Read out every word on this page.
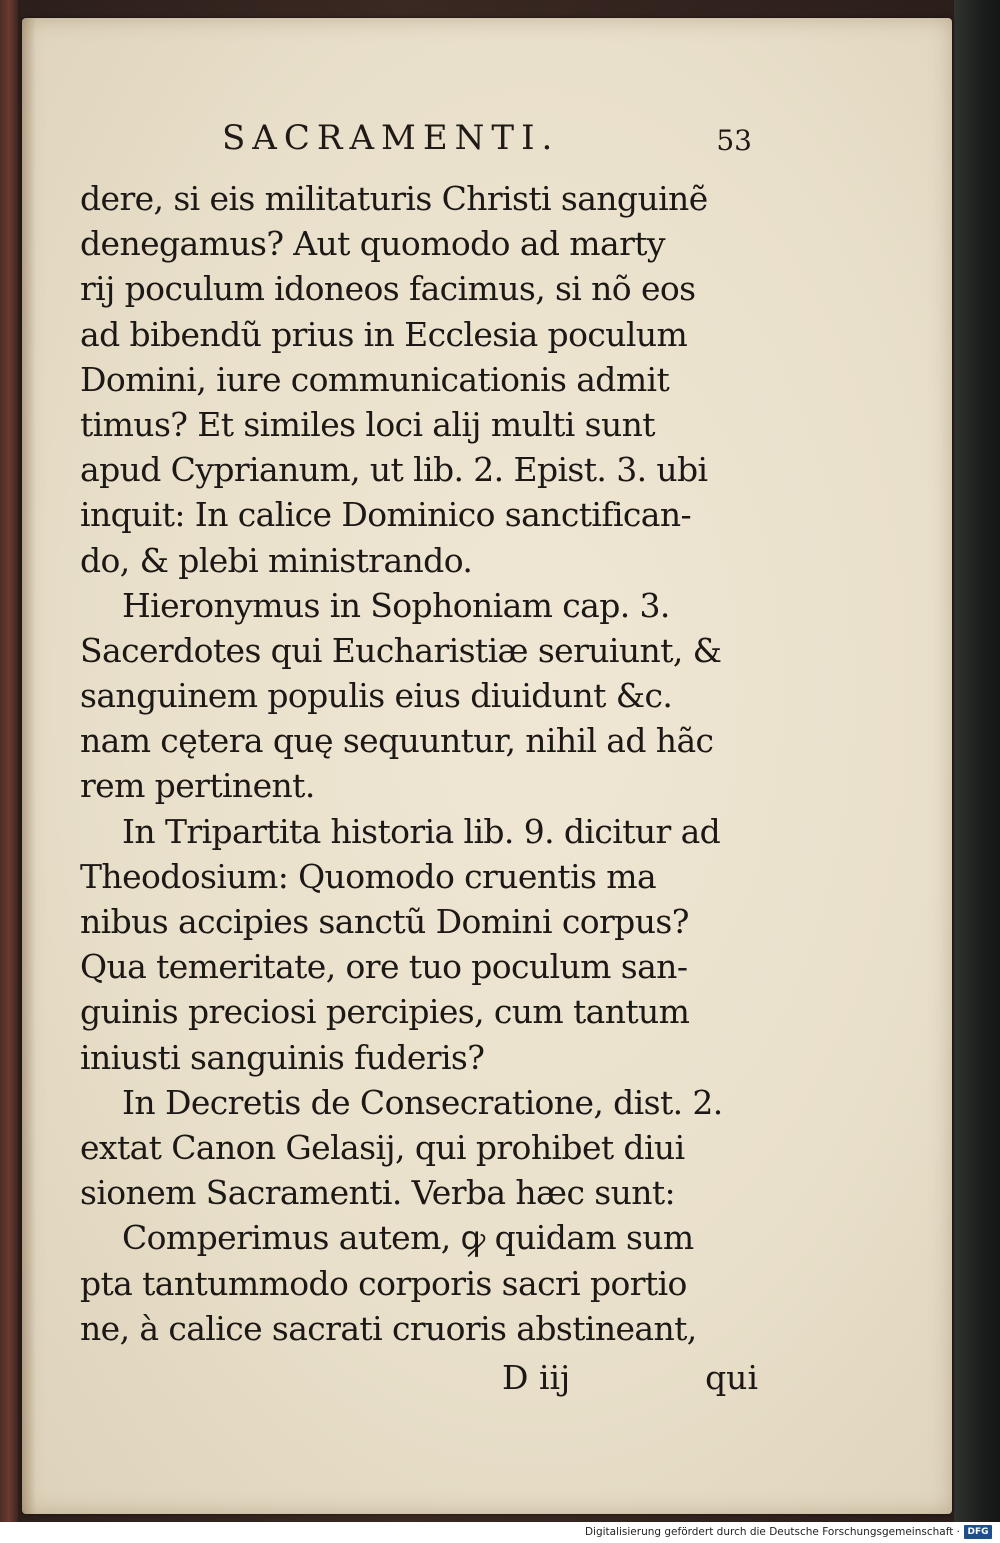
SACRAMENTI.	53
dere, si eis militaturis Christi sanguinẽ
denegamus? Aut quomodo ad marty
rij poculum idoneos facimus, si nõ eos
ad bibendũ prius in Ecclesia poculum
Domini, iure communicationis admit
timus? Et similes loci alij multi sunt
apud Cyprianum, ut lib. 2. Epist. 3. ubi
inquit: In calice Dominico sanctifican-
do, & plebi ministrando.
Hieronymus in Sophoniam cap. 3.
Sacerdotes qui Eucharistiæ seruiunt, &
sanguinem populis eius diuidunt &c.
nam cętera quę sequuntur, nihil ad hãc
rem pertinent.
In Tripartita historia lib. 9. dicitur ad
Theodosium: Quomodo cruentis ma
nibus accipies sanctũ Domini corpus?
Qua temeritate, ore tuo poculum san-
guinis preciosi percipies, cum tantum
iniusti sanguinis fuderis?
In Decretis de Consecratione, dist. 2.
extat Canon Gelasij, qui prohibet diui
sionem Sacramenti. Verba hæc sunt:
Comperimus autem, ꝙ quidam sum
pta tantummodo corporis sacri portio
ne, à calice sacrati cruoris abstineant,
D iij	qui
Digitalisierung gefördert durch die Deutsche Forschungsgemeinschaft · DFG
